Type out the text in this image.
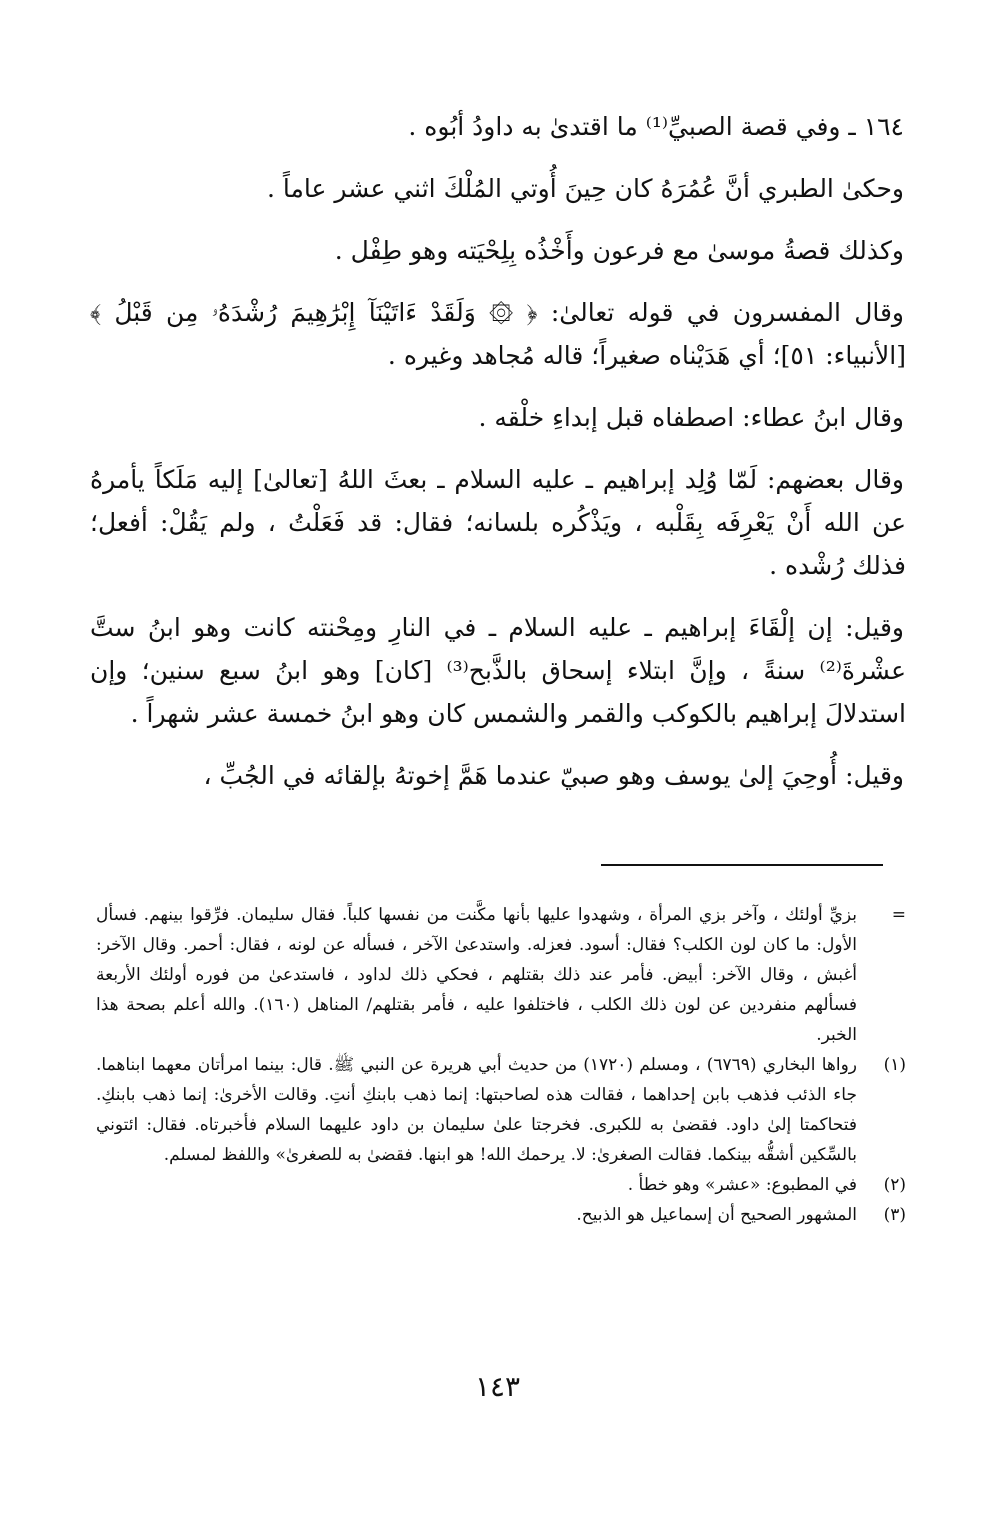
١٦٤ ـ وفي قصة الصبيِّ⁽¹⁾ ما اقتدىٰ به داودُ أبُوه .

وحكىٰ الطبري أنَّ عُمُرَهُ كان حِينَ أُوتي المُلْكَ اثني عشر عاماً .

وكذلك قصةُ موسىٰ مع فرعون وأَخْذُه بِلِحْيَته وهو طِفْل .

وقال المفسرون في قوله تعالىٰ: ﴿ ۞ وَلَقَدْ ءَاتَيْنَآ إِبْرَٰهِيمَ رُشْدَهُۥ مِن قَبْلُ ﴾ [الأنبياء: ٥١]؛ أي هَدَيْناه صغيراً؛ قاله مُجاهد وغيره .

وقال ابنُ عطاء: اصطفاه قبل إبداءِ خلْقه .

وقال بعضهم: لَمّا وُلِد إبراهيم ـ عليه السلام ـ بعثَ اللهُ [تعالىٰ] إليه مَلَكاً يأمرهُ عن الله أَنْ يَعْرِفَه بِقَلْبه ، ويَذْكُره بلسانه؛ فقال: قد فَعَلْتُ ، ولم يَقُلْ: أفعل؛ فذلك رُشْده .

وقيل: إن إلْقَاءَ إبراهيم ـ عليه السلام ـ في النارِ ومِحْنته كانت وهو ابنُ ستَّ عشْرةَ⁽²⁾ سنةً ، وإنَّ ابتلاء إسحاق بالذَّبح⁽³⁾ [كان] وهو ابنُ سبع سنين؛ وإن استدلالَ إبراهيم بالكوكب والقمر والشمس كان وهو ابنُ خمسة عشر شهراً .

وقيل: أُوحِيَ إلىٰ يوسف وهو صبيّ عندما هَمَّ إخوتهُ بإلقائه في الجُبِّ ،

=
بزيِّ أولئك ، وآخر بزي المرأة ، وشهدوا عليها بأنها مكَّنت من نفسها كلباً. فقال سليمان. فرِّقوا بينهم. فسأل الأول: ما كان لون الكلب؟ فقال: أسود. فعزله. واستدعىٰ الآخر ، فسأله عن لونه ، فقال: أحمر. وقال الآخر: أغبش ، وقال الآخر: أبيض. فأمر عند ذلك بقتلهم ، فحكي ذلك لداود ، فاستدعىٰ من فوره أولئك الأربعة فسألهم منفردين عن لون ذلك الكلب ، فاختلفوا عليه ، فأمر بقتلهم/ المناهل (١٦٠). والله أعلم بصحة هذا الخبر.
(١)
رواها البخاري (٦٧٦٩) ، ومسلم (١٧٢٠) من حديث أبي هريرة عن النبي ﷺ. قال: بينما امرأتان معهما ابناهما. جاء الذئب فذهب بابن إحداهما ، فقالت هذه لصاحبتها: إنما ذهب بابنكِ أنتِ. وقالت الأخرىٰ: إنما ذهب بابنكِ. فتحاكمتا إلىٰ داود. فقضىٰ به للكبرى. فخرجتا علىٰ سليمان بن داود عليهما السلام فأخبرتاه. فقال: ائتوني بالسِّكين أشقُّه بينكما. فقالت الصغرىٰ: لا. يرحمك الله! هو ابنها. فقضىٰ به للصغرىٰ» واللفظ لمسلم.
(٢)
في المطبوع: «عشر» وهو خطأ .
(٣)
المشهور الصحيح أن إسماعيل هو الذبيح.
١٤٣
